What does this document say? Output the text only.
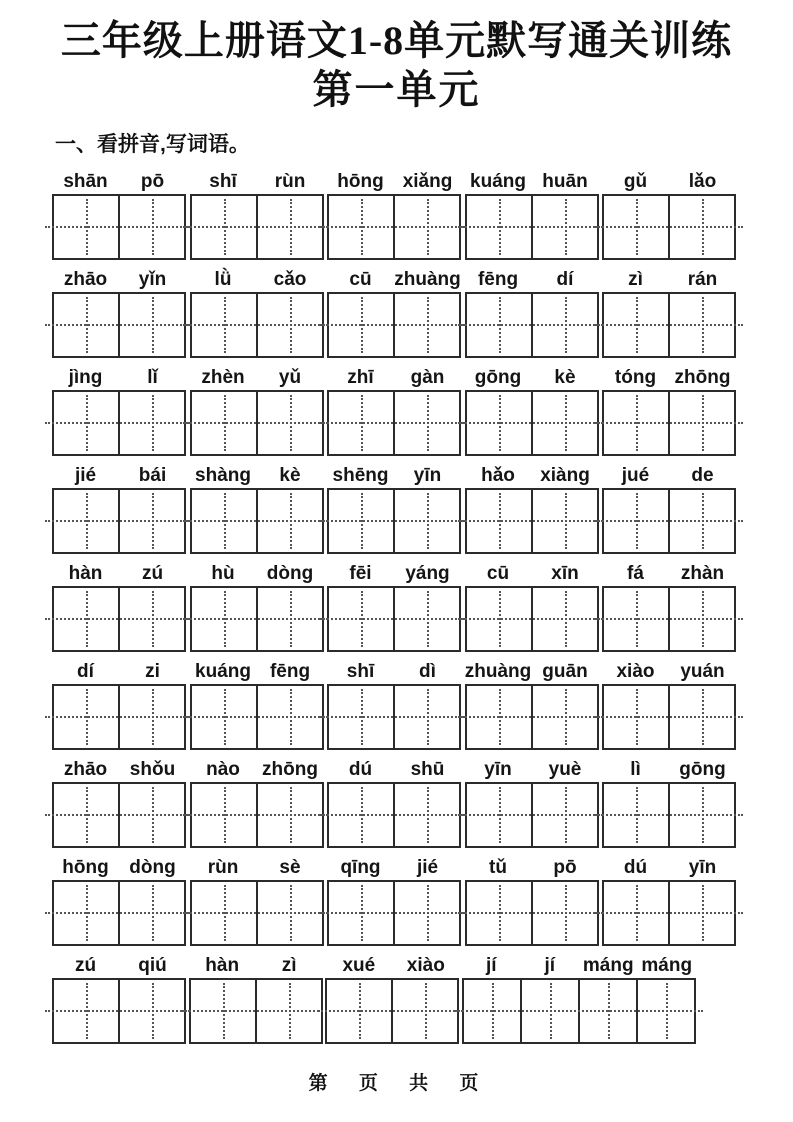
三年级上册语文1-8单元默写通关训练
第一单元
一、看拼音,写词语。
shān	pō	shī	rùn	hōng xiǎng kuáng huān	gǔ	lǎo
zhāo	yǐn	lǜ	cǎo	cū	zhuàng fēng	dí	zì	rán
jìng	lǐ	zhèn	yǔ	zhī	gàn	gōng	kè	tóng zhōng
jié	bái	shàng	kè	shēng	yīn	hǎo	xiàng	jué	de
hàn	zú	hù	dòng	fēi	yáng	cū	xīn	fá	zhàn
dí	zi	kuáng fēng	shī	dì	zhuàng guān	xiào	yuán
zhāo	shǒu	nào	zhōng	dú	shū	yīn	yuè	lì	gōng
hōng	dòng	rùn	sè	qīng	jié	tǔ	pō	dú	yīn
zú	qiú	hàn	zì	xué	xiào	jí	jí	máng máng
第 页 共 页
